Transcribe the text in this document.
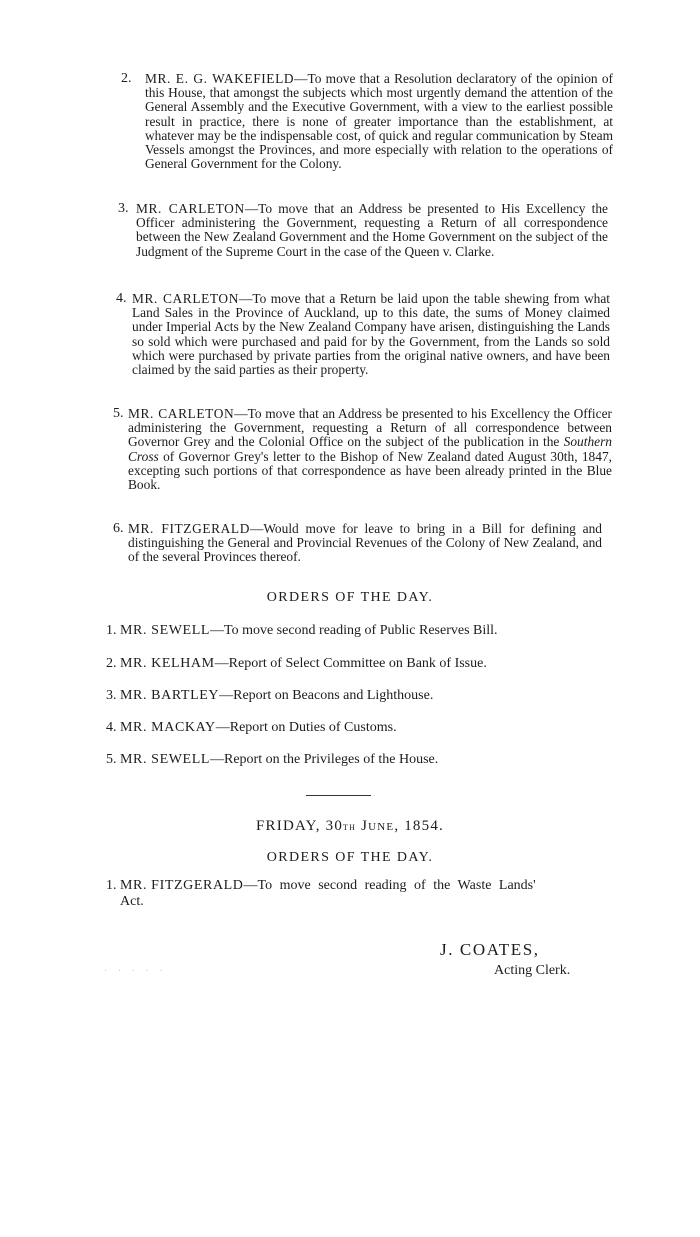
2.	MR. E. G. WAKEFIELD—To move that a Resolution declaratory of the opinion of this House, that amongst the subjects which most urgently demand the attention of the General Assembly and the Executive Government, with a view to the earliest possible result in practice, there is none of greater importance than the establishment, at whatever may be the indispensable cost, of quick and regular communication by Steam Vessels amongst the Provinces, and more especially with relation to the operations of General Government for the Colony.
3. MR. CARLETON—To move that an Address be presented to His Excellency the Officer administering the Government, requesting a Return of all correspondence between the New Zealand Government and the Home Government on the subject of the Judgment of the Supreme Court in the case of the Queen v. Clarke.
4. MR. CARLETON—To move that a Return be laid upon the table shewing from what Land Sales in the Province of Auckland, up to this date, the sums of Money claimed under Imperial Acts by the New Zealand Company have arisen, distinguishing the Lands so sold which were purchased and paid for by the Government, from the Lands so sold which were purchased by private parties from the original native owners, and have been claimed by the said parties as their property.
5. MR. CARLETON—To move that an Address be presented to his Excellency the Officer administering the Government, requesting a Return of all correspondence between Governor Grey and the Colonial Office on the subject of the publication in the Southern Cross of Governor Grey's letter to the Bishop of New Zealand dated August 30th, 1847, excepting such portions of that correspondence as have been already printed in the Blue Book.
6. MR. FITZGERALD—Would move for leave to bring in a Bill for defining and distinguishing the General and Provincial Revenues of the Colony of New Zealand, and of the several Provinces thereof.
ORDERS OF THE DAY.
1. MR. SEWELL—To move second reading of Public Reserves Bill.
2. MR. KELHAM—Report of Select Committee on Bank of Issue.
3. MR. BARTLEY—Report on Beacons and Lighthouse.
4. MR. MACKAY—Report on Duties of Customs.
5. MR. SEWELL—Report on the Privileges of the House.
FRIDAY, 30th June, 1854.
ORDERS OF THE DAY.
1. MR. FITZGERALD—To move second reading of the Waste Lands'
Act.
J. COATES,
Acting Clerk.
· · · · ·
